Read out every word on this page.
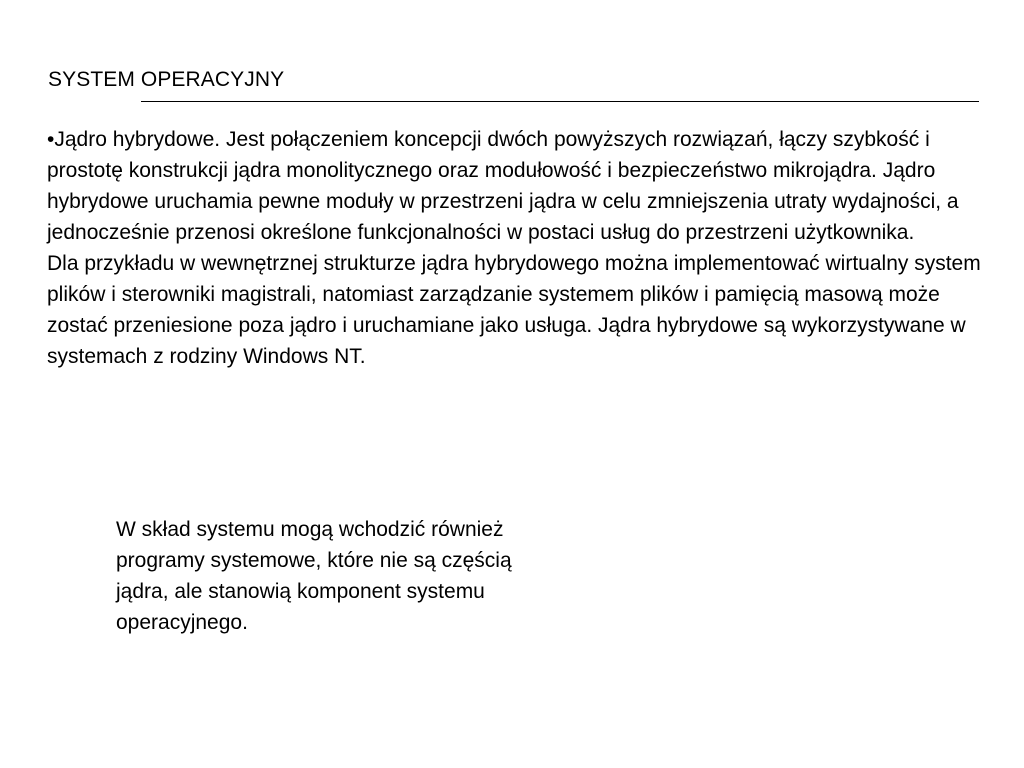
SYSTEM OPERACYJNY

•Jądro hybrydowe. Jest połączeniem koncepcji dwóch powyższych rozwiązań, łączy szybkość i prostotę konstrukcji jądra monolitycznego oraz modułowość i bezpieczeństwo mikrojądra. Jądro hybrydowe uruchamia pewne moduły w przestrzeni jądra w celu zmniejszenia utraty wydajności, a jednocześnie przenosi określone funkcjonalności w postaci usług do przestrzeni użytkownika.

Dla przykładu w wewnętrznej strukturze jądra hybrydowego można implementować wirtualny system plików i sterowniki magistrali, natomiast zarządzanie systemem plików i pamięcią masową może zostać przeniesione poza jądro i uruchamiane jako usługa. Jądra hybrydowe są wykorzystywane w systemach z rodziny Windows NT.

W skład systemu mogą wchodzić również

programy systemowe, które nie są częścią

jądra, ale stanowią komponent systemu

operacyjnego.
